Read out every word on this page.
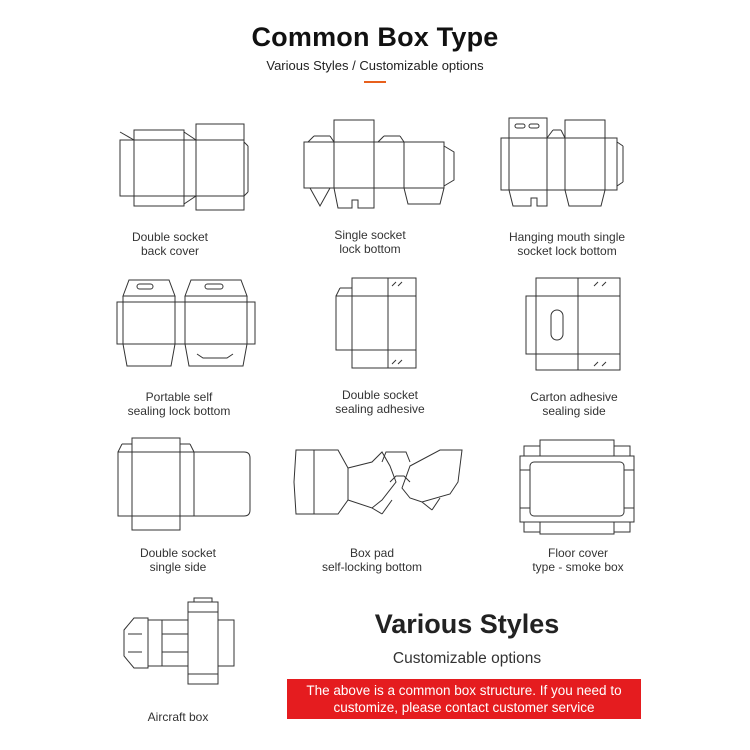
Common Box Type
Various Styles / Customizable options
Double socket
back cover
Single socket
lock bottom
Hanging mouth single
socket lock bottom
Portable self
sealing lock bottom
Double socket
sealing adhesive
Carton adhesive
sealing side
Double socket
single side
Box pad
self-locking bottom
Floor cover
type - smoke box
Aircraft box
Various Styles
Customizable options
The above is a common box structure. If you need to customize, please contact customer service
